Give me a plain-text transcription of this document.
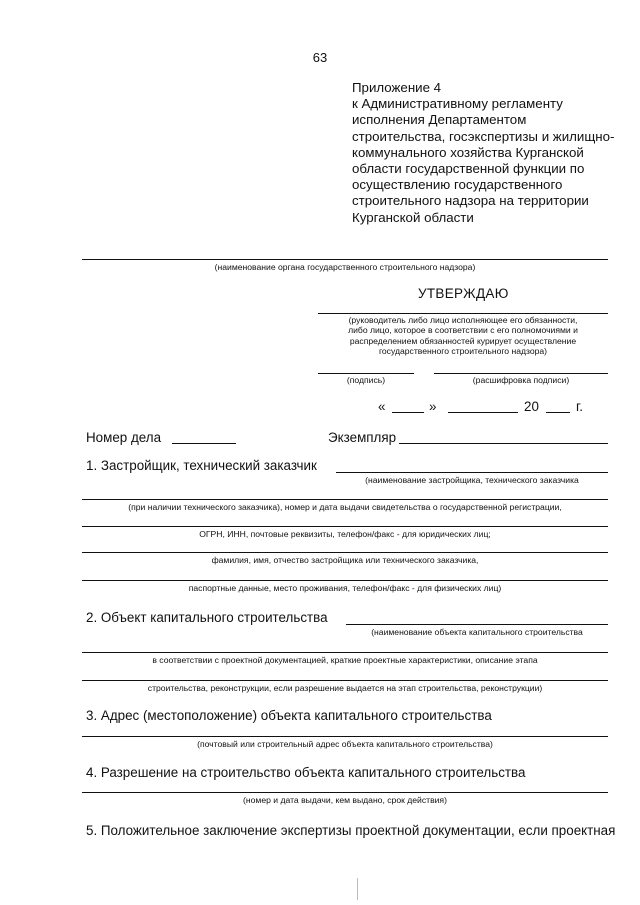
63
Приложение 4
к Административному регламенту
исполнения Департаментом
строительства, госэкспертизы и жилищно-
коммунального хозяйства Курганской
области государственной функции по
осуществлению государственного
строительного надзора на территории
Курганской области
(наименование органа государственного строительного надзора)
УТВЕРЖДАЮ
(руководитель либо лицо исполняющее его обязанности,
либо лицо, которое в соответствии с его полномочиями и
распределением обязанностей курирует осуществление
государственного строительного надзора)
(подпись)	(расшифровка подписи)
«	»	20	г.
Номер дела	Экземпляр
1. Застройщик, технический заказчик
(наименование застройщика, технического заказчика
(при наличии технического заказчика), номер и дата выдачи свидетельства о государственной регистрации,
ОГРН, ИНН, почтовые реквизиты, телефон/факс - для юридических лиц;
фамилия, имя, отчество застройщика или технического заказчика,
паспортные данные, место проживания, телефон/факс - для физических лиц)
2. Объект капитального строительства
(наименование объекта капитального строительства
в соответствии с проектной документацией, краткие проектные характеристики, описание этапа
строительства, реконструкции, если разрешение выдается на этап строительства, реконструкции)
3. Адрес (местоположение) объекта капитального строительства
(почтовый или строительный адрес объекта капитального строительства)
4. Разрешение на строительство объекта капитального строительства
(номер и дата выдачи, кем выдано, срок действия)
5. Положительное заключение экспертизы проектной документации, если проектная
